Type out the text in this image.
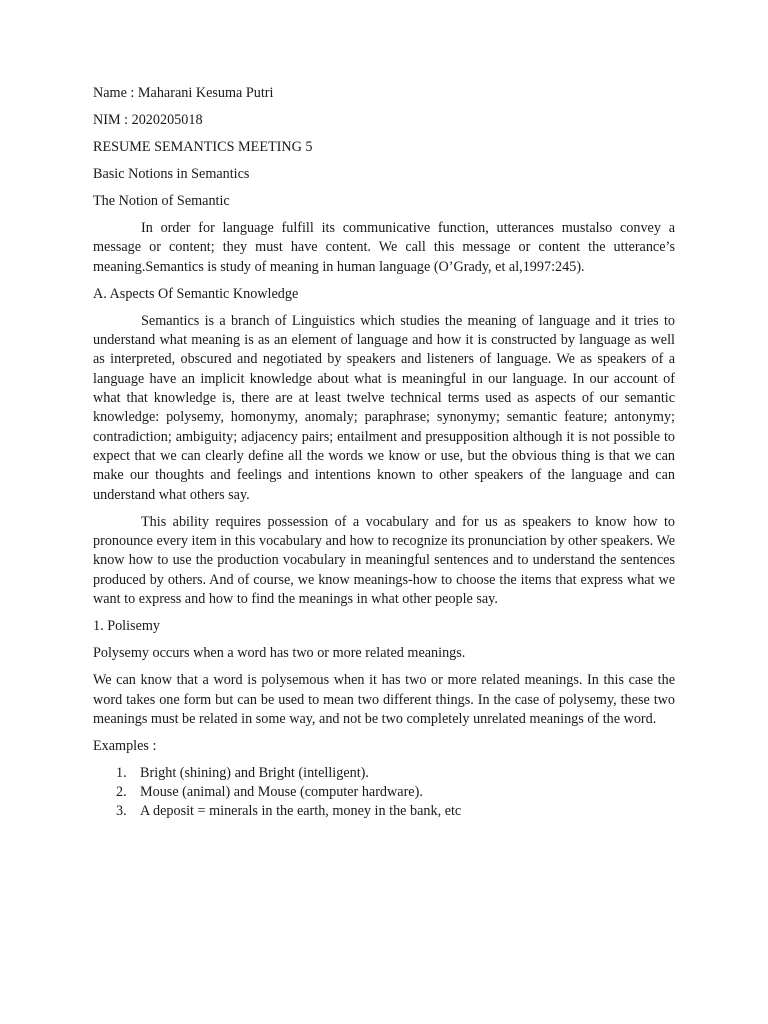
Name : Maharani Kesuma Putri

NIM : 2020205018

RESUME SEMANTICS MEETING 5

Basic Notions in Semantics

The Notion of Semantic

In order for language fulfill its communicative function, utterances mustalso convey a message or content; they must have content. We call this message or content the utterance’s meaning.Semantics is study of meaning in human language (O’Grady, et al,1997:245).

A. Aspects Of Semantic Knowledge

Semantics is a branch of Linguistics which studies the meaning of language and it tries to understand what meaning is as an element of language and how it is constructed by language as well as interpreted, obscured and negotiated by speakers and listeners of language. We as speakers of a language have an implicit knowledge about what is meaningful in our language. In our account of what that knowledge is, there are at least twelve technical terms used as aspects of our semantic knowledge: polysemy, homonymy, anomaly; paraphrase; synonymy; semantic feature; antonymy; contradiction; ambiguity; adjacency pairs; entailment and presupposition although it is not possible to expect that we can clearly define all the words we know or use, but the obvious thing is that we can make our thoughts and feelings and intentions known to other speakers of the language and can understand what others say.

This ability requires possession of a vocabulary and for us as speakers to know how to pronounce every item in this vocabulary and how to recognize its pronunciation by other speakers. We know how to use the production vocabulary in meaningful sentences and to understand the sentences produced by others. And of course, we know meanings-how to choose the items that express what we want to express and how to find the meanings in what other people say.

1. Polisemy

Polysemy occurs when a word has two or more related meanings.

We can know that a word is polysemous when it has two or more related meanings. In this case the word takes one form but can be used to mean two different things. In the case of polysemy, these two meanings must be related in some way, and not be two completely unrelated meanings of the word.

Examples :

1. Bright (shining) and Bright (intelligent).
2. Mouse (animal) and Mouse (computer hardware).
3. A deposit = minerals in the earth, money in the bank, etc
